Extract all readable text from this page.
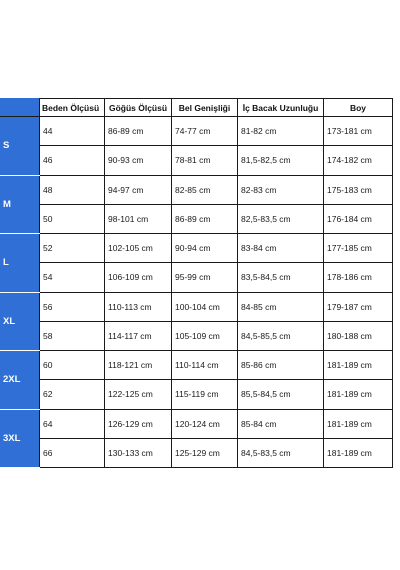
	Beden Ölçüsü	Göğüs Ölçüsü	Bel Genişliği	İç Bacak Uzunluğu	Boy
S	44	86-89 cm	74-77 cm	81-82 cm	173-181 cm
	46	90-93 cm	78-81 cm	81,5-82,5 cm	174-182 cm
M	48	94-97 cm	82-85 cm	82-83 cm	175-183 cm
	50	98-101 cm	86-89 cm	82,5-83,5 cm	176-184 cm
L	52	102-105 cm	90-94 cm	83-84 cm	177-185 cm
	54	106-109 cm	95-99 cm	83,5-84,5 cm	178-186 cm
XL	56	110-113 cm	100-104 cm	84-85 cm	179-187 cm
	58	114-117 cm	105-109 cm	84,5-85,5 cm	180-188 cm
2XL	60	118-121 cm	110-114 cm	85-86 cm	181-189 cm
	62	122-125 cm	115-119 cm	85,5-84,5 cm	181-189 cm
3XL	64	126-129 cm	120-124 cm	85-84 cm	181-189 cm
	66	130-133 cm	125-129 cm	84,5-83,5 cm	181-189 cm
